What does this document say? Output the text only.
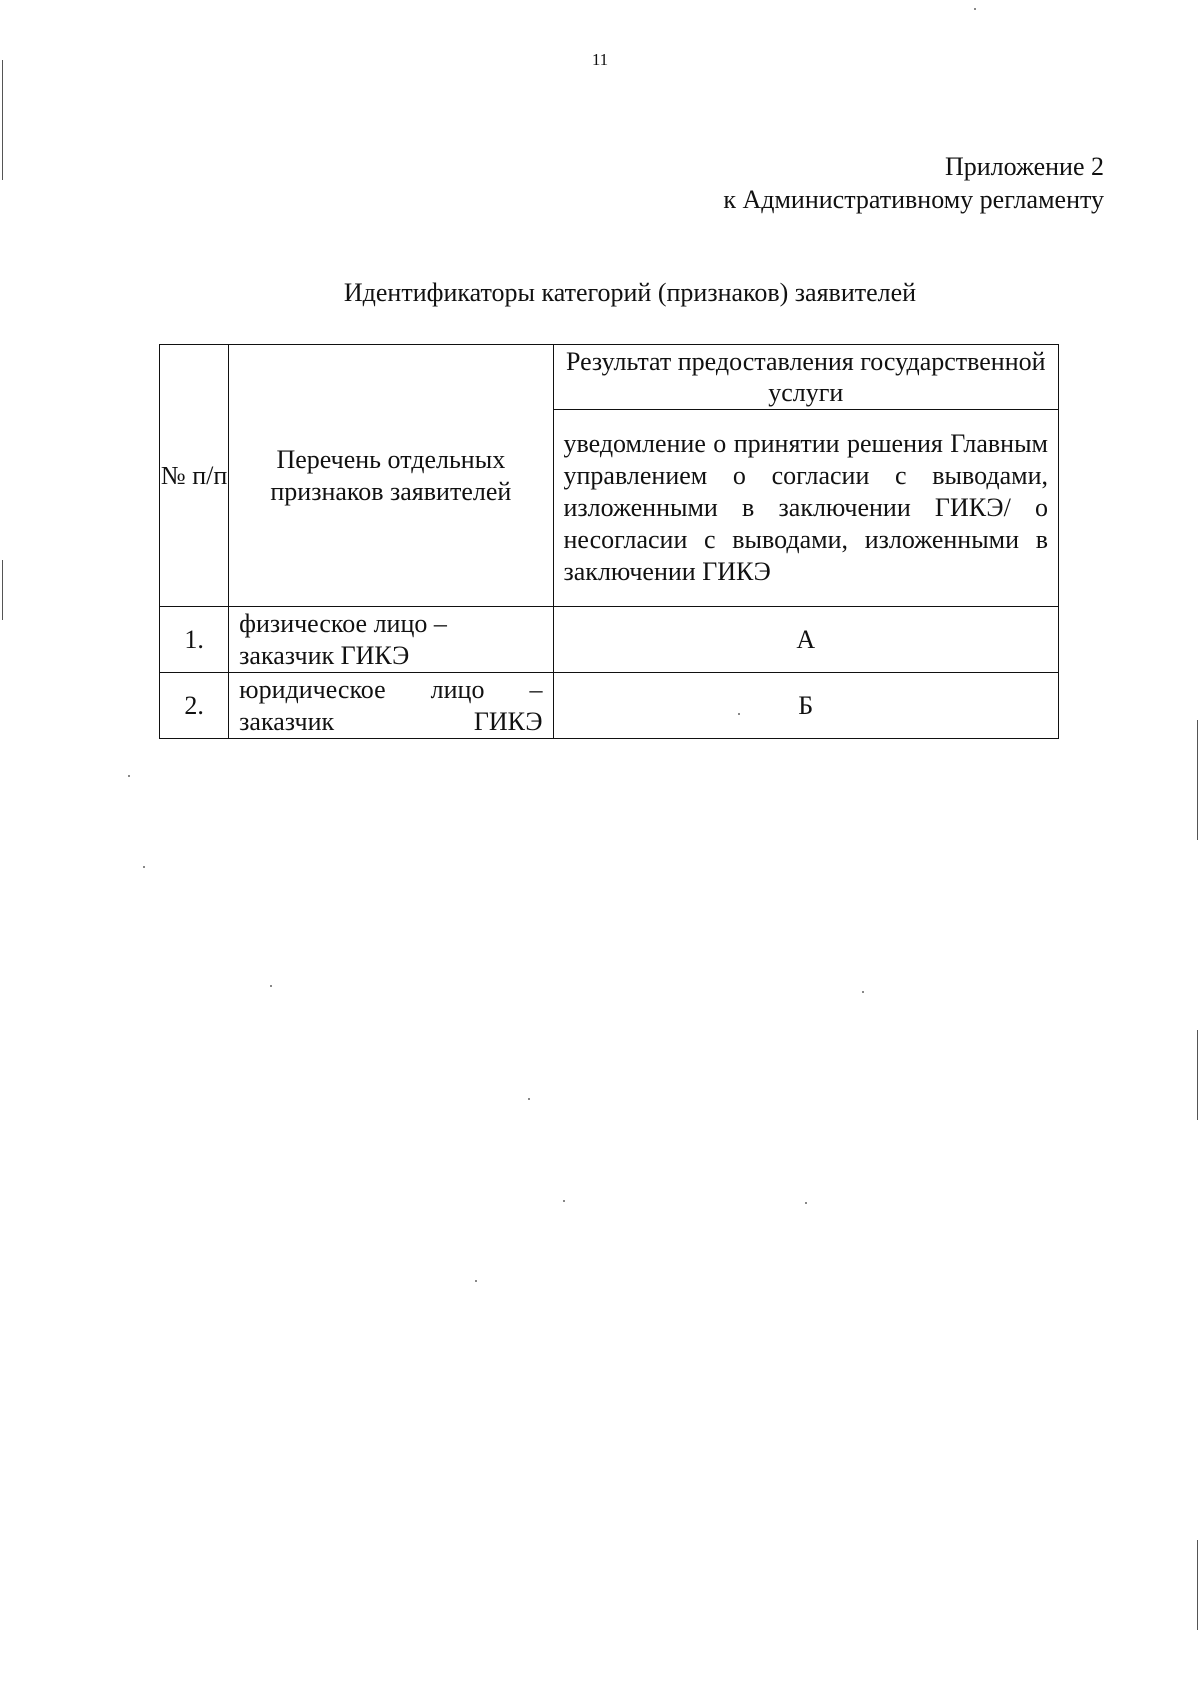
11
Приложение 2
к Административному регламенту
Идентификаторы категорий (признаков) заявителей
№ п/п	Перечень отдельных признаков заявителей	Результат предоставления государственной услуги
		уведомление о принятии решения Главным управлением о согласии с выводами, изложенными в заключении ГИКЭ/ о несогласии с выводами, изложенными в заключении ГИКЭ
1.	физическое лицо – заказчик ГИКЭ	А
2.	юридическое лицо – заказчик ГИКЭ	Б
